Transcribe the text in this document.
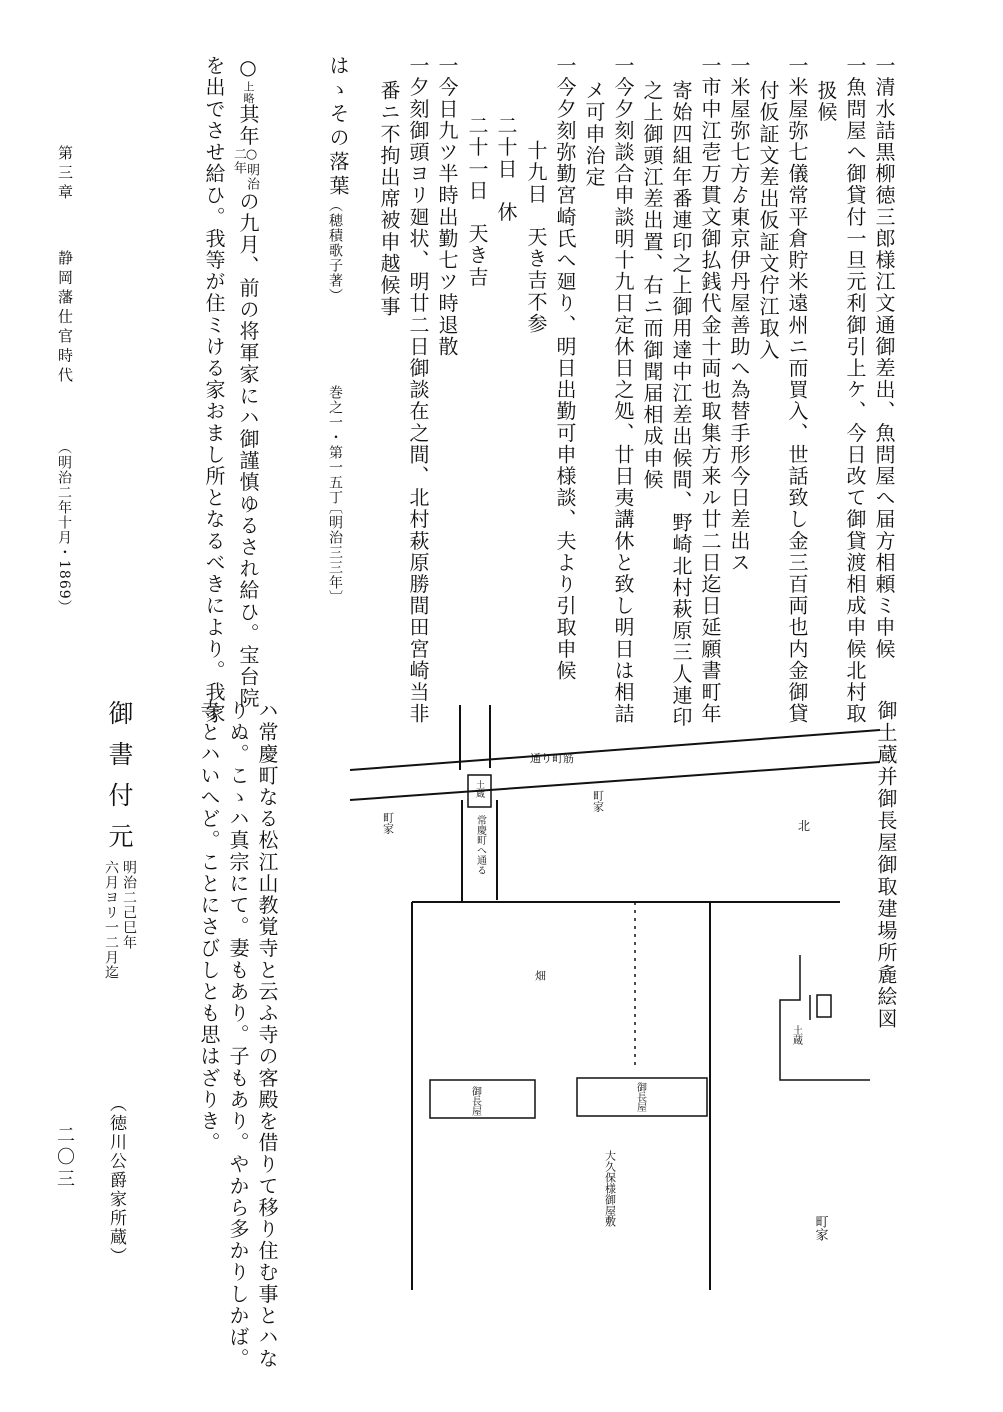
一清水詰黒柳徳三郎様江文通御差出、魚問屋へ届方相頼ミ申候
一魚問屋へ御貸付一旦元利御引上ケ、今日改て御貸渡相成申候北村取
扱候
一米屋弥七儀常平倉貯米遠州ニ而買入、世話致し金三百両也内金御貸
付仮証文差出仮証文佇江取入
一米屋弥七方ゟ東京伊丹屋善助へ為替手形今日差出ス
一市中江壱万貫文御払銭代金十両也取集方来ル廿二日迄日延願書町年
寄始四組年番連印之上御用達中江差出候間、野崎北村萩原三人連印
之上御頭江差出置、右ニ而御聞届相成申候
一今夕刻談合申談明十九日定休日之処、廿日夷講休と致し明日は相詰
メ可申治定
一今夕刻弥勤宮崎氏へ廻り、明日出勤可申様談、夫より引取申候
十九日　天き吉不参
二十日　休
二十一日　天き吉
一今日九ツ半時出勤七ツ時退散
一夕刻御頭ヨリ廻状、明廿二日御談在之間、北村萩原勝間田宮崎当非
番ニ不拘出席被申越候事
はゝその落葉
（穂積歌子著）
巻之一・第一五丁
〔明治三三年〕
○上略其年
○明治
二年
の九月、前の将軍家にハ御謹慎ゆるされ給ひ。宝台院
を出でさせ給ひ。我等が住ミける家おまし所となるべきにより。我家
第三章
静岡藩仕官時代
（明治二年十月・1869）
御土蔵并御長屋御取建場所麁絵図
通り町筋
町家
町家
土蔵
常慶町へ通る
畑
御長屋	御長屋
大久保様御屋敷
土蔵
町家
北
ハ常慶町なる松江山教覚寺と云ふ寺の客殿を借りて移り住む事とハな
りぬ。こゝハ真宗にて。妻もあり。子もあり。やから多かりしかば。
寺とハいへど。ことにさびしとも思はざりき。
御書付元
明治二己巳年
六月ヨリ一二月迄
（徳川公爵家所蔵）
二〇三
